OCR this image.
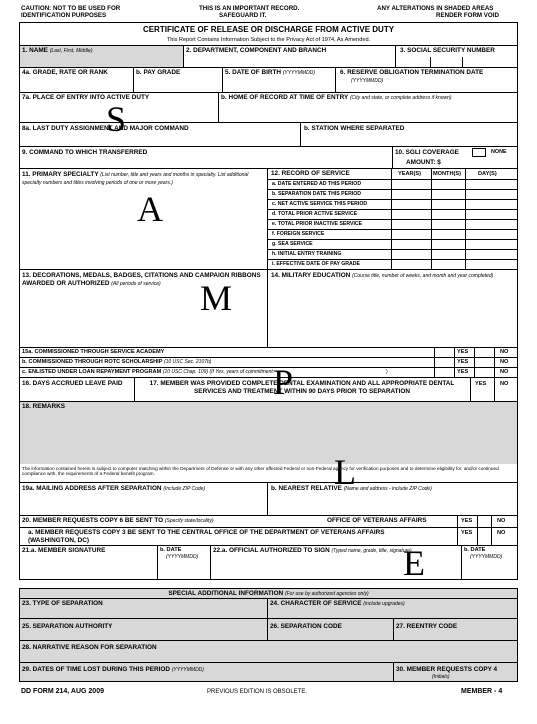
CAUTION: NOT TO BE USED FOR
IDENTIFICATION PURPOSES
THIS IS AN IMPORTANT RECORD.
SAFEGUARD IT.
ANY ALTERATIONS IN SHADED AREAS
RENDER FORM VOID
CERTIFICATE OF RELEASE OR DISCHARGE FROM ACTIVE DUTY
This Report Contains Information Subject to the Privacy Act of 1974, As Amended.
1. NAME (Last, First, Middle)	2. DEPARTMENT, COMPONENT AND BRANCH	3. SOCIAL SECURITY NUMBER
4a. GRADE, RATE OR RANK	b. PAY GRADE	5. DATE OF BIRTH (YYYYMMDD)	6. RESERVE OBLIGATION TERMINATION DATE
(YYYYMMDD)
7a. PLACE OF ENTRY INTO ACTIVE DUTY	b. HOME OF RECORD AT TIME OF ENTRY (City and state, or complete address if known)
8a. LAST DUTY ASSIGNMENT AND MAJOR COMMAND	b. STATION WHERE SEPARATED
9. COMMAND TO WHICH TRANSFERRED	10. SGLI COVERAGE	NONE
AMOUNT: $
11. PRIMARY SPECIALTY (List number, title and years and months in specialty. List additional specialty numbers and titles involving periods of one or more years.)
12. RECORD OF SERVICE	YEAR(S) MONTH(S)	DAY(S)
a. DATE ENTERED AD THIS PERIOD
b. SEPARATION DATE THIS PERIOD
c. NET ACTIVE SERVICE THIS PERIOD
d. TOTAL PRIOR ACTIVE SERVICE
e. TOTAL PRIOR INACTIVE SERVICE
f. FOREIGN SERVICE
g. SEA SERVICE
h. INITIAL ENTRY TRAINING
i. EFFECTIVE DATE OF PAY GRADE
13. DECORATIONS, MEDALS, BADGES, CITATIONS AND CAMPAIGN RIBBONS AWARDED OR AUTHORIZED (All periods of service)
14. MILITARY EDUCATION (Course title, number of weeks, and month and year completed)
15a. COMMISSIONED THROUGH SERVICE ACADEMY
b. COMMISSIONED THROUGH ROTC SCHOLARSHIP (10 USC Sec. 2107b)
c. ENLISTED UNDER LOAN REPAYMENT PROGRAM (10 USC Chap. 109) (If Yes, years of commitment:	)
YES	NO
YES	NO
YES	NO
16. DAYS ACCRUED LEAVE PAID	17. MEMBER WAS PROVIDED COMPLETE DENTAL EXAMINATION AND ALL APPROPRIATE DENTAL SERVICES AND TREATMENT WITHIN 90 DAYS PRIOR TO SEPARATION
YES NO
18. REMARKS
The information contained herein is subject to computer matching within the Department of Defense or with any other affected Federal or non-Federal agency for verification purposes and to determine eligibility for, and/or continued compliance with, the requirements of a Federal benefit program.
19a. MAILING ADDRESS AFTER SEPARATION (Include ZIP Code)	b. NEAREST RELATIVE (Name and address - include ZIP Code)
20. MEMBER REQUESTS COPY 6 BE SENT TO (Specify state/locality)	OFFICE OF VETERANS AFFAIRS
a. MEMBER REQUESTS COPY 3 BE SENT TO THE CENTRAL OFFICE OF THE DEPARTMENT OF VETERANS AFFAIRS (WASHINGTON, DC)
YES	NO
YES	NO
21.a. MEMBER SIGNATURE	b. DATE
(YYYYMMDD)
22.a. OFFICIAL AUTHORIZED TO SIGN (Typed name, grade, title, signature)	b. DATE
(YYYYMMDD)
SPECIAL ADDITIONAL INFORMATION (For use by authorized agencies only)
23. TYPE OF SEPARATION	24. CHARACTER OF SERVICE (include upgrades)
25. SEPARATION AUTHORITY	26. SEPARATION CODE	27. REENTRY CODE
28. NARRATIVE REASON FOR SEPARATION
29. DATES OF TIME LOST DURING THIS PERIOD (YYYYMMDD)	30. MEMBER REQUESTS COPY 4
(Initials)
DD FORM 214, AUG 2009	PREVIOUS EDITION IS OBSOLETE.	MEMBER - 4
S
A
M
P
L
E
